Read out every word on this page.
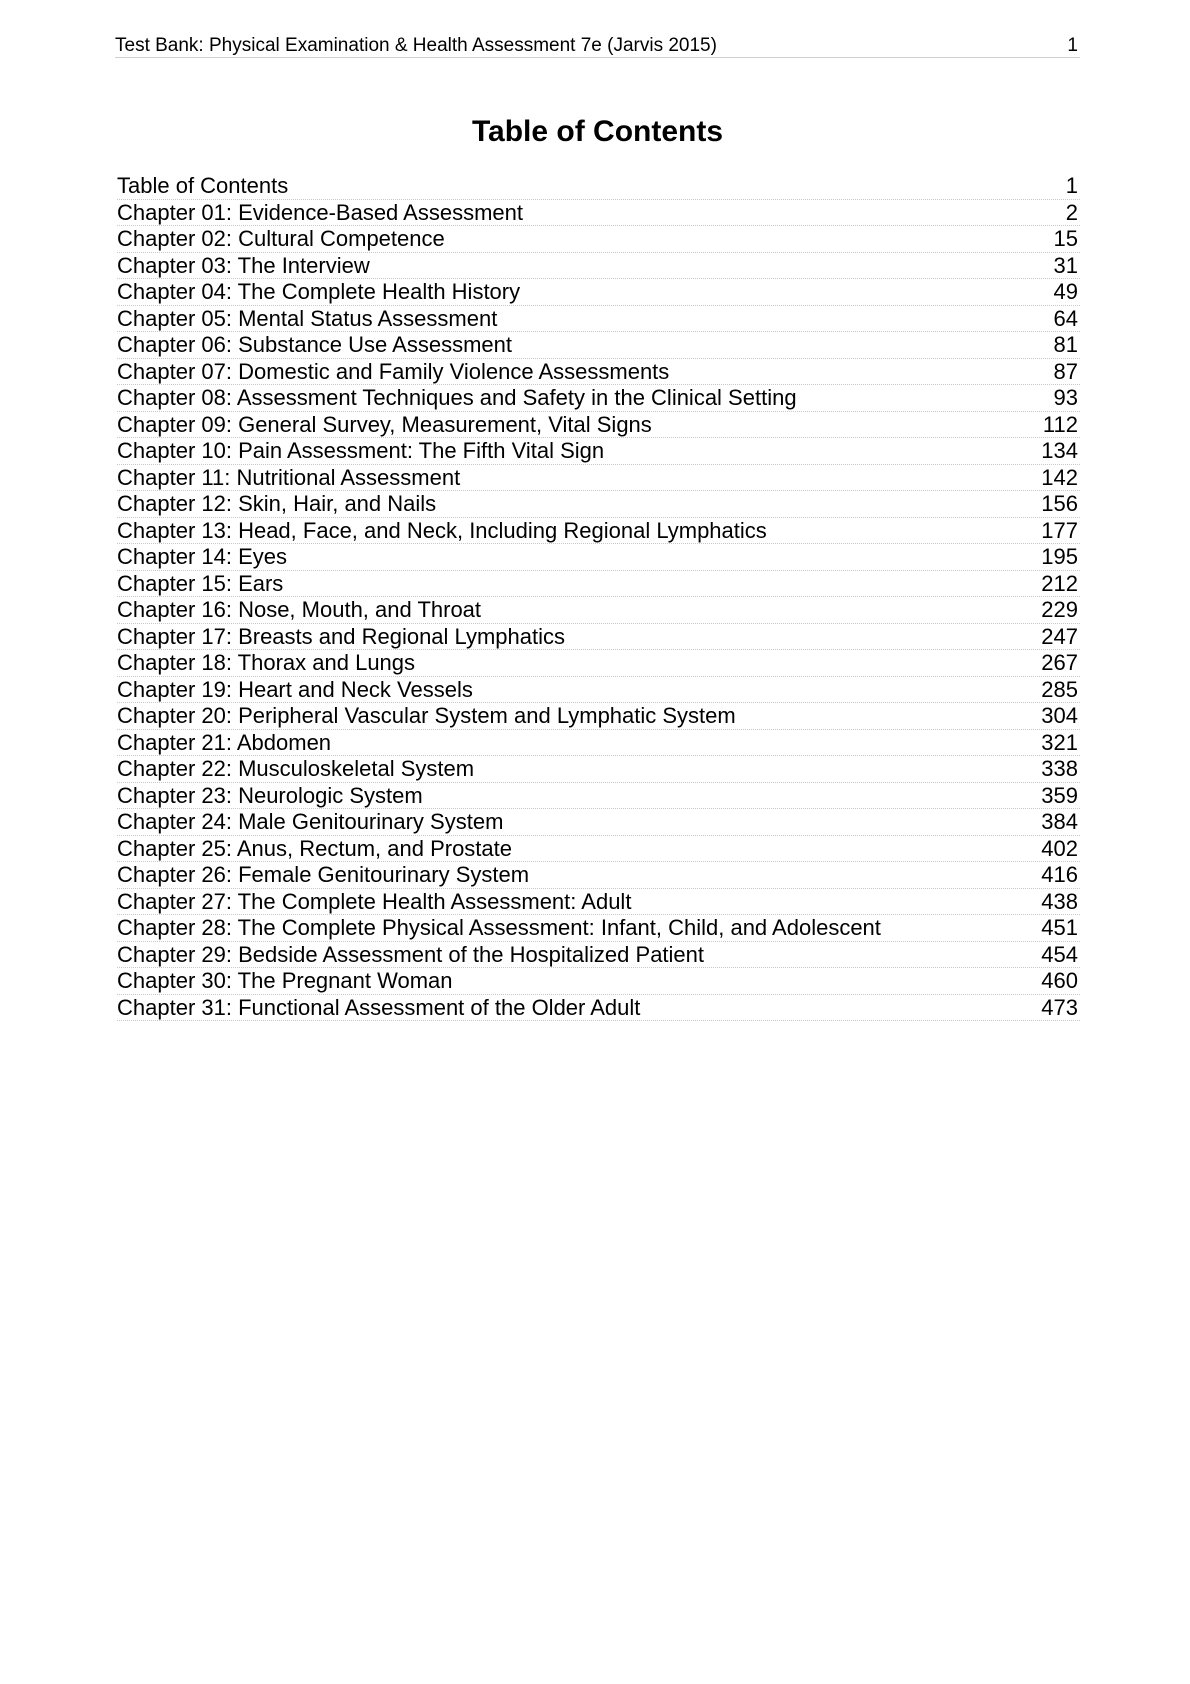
Test Bank: Physical Examination & Health Assessment 7e (Jarvis 2015)	1
Table of Contents
Table of Contents	1
Chapter 01: Evidence-Based Assessment	2
Chapter 02: Cultural Competence	15
Chapter 03: The Interview	31
Chapter 04: The Complete Health History	49
Chapter 05: Mental Status Assessment	64
Chapter 06: Substance Use Assessment	81
Chapter 07: Domestic and Family Violence Assessments	87
Chapter 08: Assessment Techniques and Safety in the Clinical Setting	93
Chapter 09: General Survey, Measurement, Vital Signs	112
Chapter 10: Pain Assessment: The Fifth Vital Sign	134
Chapter 11: Nutritional Assessment	142
Chapter 12: Skin, Hair, and Nails	156
Chapter 13: Head, Face, and Neck, Including Regional Lymphatics	177
Chapter 14: Eyes	195
Chapter 15: Ears	212
Chapter 16: Nose, Mouth, and Throat	229
Chapter 17: Breasts and Regional Lymphatics	247
Chapter 18: Thorax and Lungs	267
Chapter 19: Heart and Neck Vessels	285
Chapter 20: Peripheral Vascular System and Lymphatic System	304
Chapter 21: Abdomen	321
Chapter 22: Musculoskeletal System	338
Chapter 23: Neurologic System	359
Chapter 24: Male Genitourinary System	384
Chapter 25: Anus, Rectum, and Prostate	402
Chapter 26: Female Genitourinary System	416
Chapter 27: The Complete Health Assessment: Adult	438
Chapter 28: The Complete Physical Assessment: Infant, Child, and Adolescent	451
Chapter 29: Bedside Assessment of the Hospitalized Patient	454
Chapter 30: The Pregnant Woman	460
Chapter 31: Functional Assessment of the Older Adult	473
